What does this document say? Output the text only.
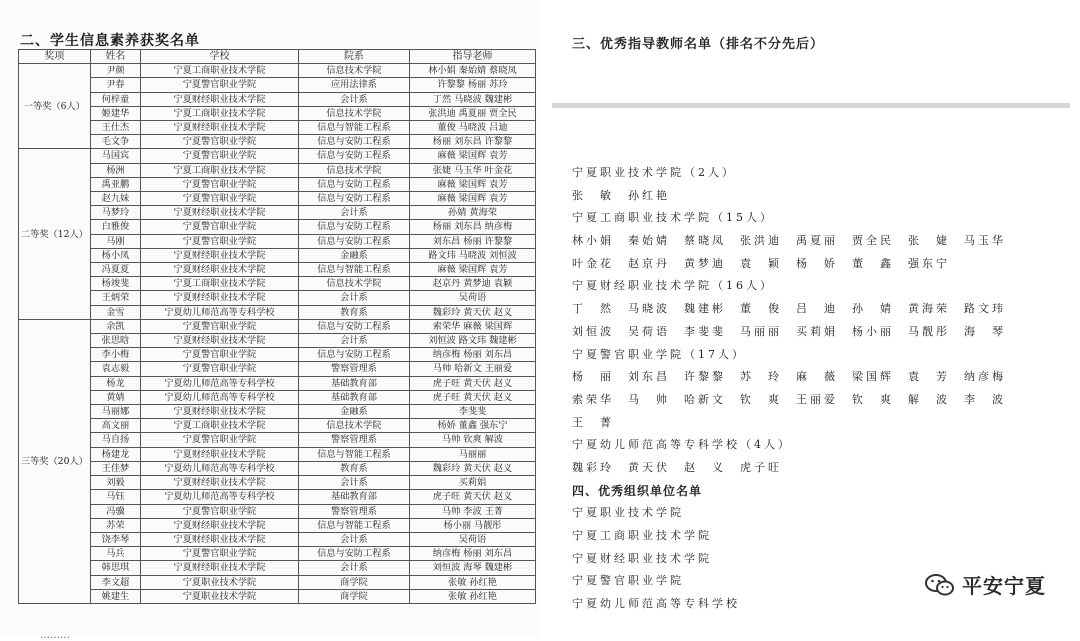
二、学生信息素养获奖名单
奖项	姓名	学校	院系	指导老师
一等奖（6人）	尹颜	宁夏工商职业技术学院	信息技术学院	林小娟 秦始婧 蔡晓凤
	尹春	宁夏警官职业学院	应用法律系	许黎黎 杨丽 苏玲
	何梓童	宁夏财经职业技术学院	会计系	丁然 马晓波 魏建彬
	姬建华	宁夏工商职业技术学院	信息技术学院	张洪迪 禹夏丽 贾全民
	王仕杰	宁夏财经职业技术学院	信息与智能工程系	董俊 马晓波 吕迪
	毛文争	宁夏警官职业学院	信息与安防工程系	杨丽 刘东昌 许黎黎
二等奖（12人）	马国宾	宁夏警官职业学院	信息与安防工程系	麻薇 梁国辉 袁芳
	杨洲	宁夏工商职业技术学院	信息技术学院	张婕 马玉华 叶金花
	禹亚鹏	宁夏警官职业学院	信息与安防工程系	麻薇 梁国辉 袁芳
	赵九妹	宁夏警官职业学院	信息与安防工程系	麻薇 梁国辉 袁芳
	马梦玲	宁夏财经职业技术学院	会计系	孙婧 黄海荣
	白雅俊	宁夏警官职业学院	信息与安防工程系	杨丽 刘东昌 纳彦梅
	马刚	宁夏警官职业学院	信息与安防工程系	刘东昌 杨丽 许黎黎
	杨小凤	宁夏财经职业技术学院	金融系	路文玮 马晓波 刘恒波
	冯夏夏	宁夏财经职业技术学院	信息与智能工程系	麻薇 梁国辉 袁芳
	杨竣斐	宁夏工商职业技术学院	信息技术学院	赵京丹 黄梦迪 袁颖
	王炳荣	宁夏财经职业技术学院	会计系	吴荷语
	金雪	宁夏幼儿师范高等专科学校	教育系	魏彩玲 黄天伏 赵义
三等奖（20人）	余凯	宁夏警官职业学院	信息与安防工程系	索荣华 麻薇 梁国辉
	张思晗	宁夏财经职业技术学院	会计系	刘恒波 路文玮 魏建彬
	李小梅	宁夏警官职业学院	信息与安防工程系	纳彦梅 杨丽 刘东昌
	袁志毅	宁夏警官职业学院	警察管理系	马帅 哈新文 王丽爱
	杨龙	宁夏幼儿师范高等专科学校	基础教育部	虎子旺 黄天伏 赵义
	黄婧	宁夏幼儿师范高等专科学校	基础教育部	虎子旺 黄天伏 赵义
	马丽娜	宁夏财经职业技术学院	金融系	李斐斐
	高文丽	宁夏工商职业技术学院	信息技术学院	杨娇 董鑫 强东宁
	马自扬	宁夏警官职业学院	警察管理系	马帅 钦爽 解波
	杨建龙	宁夏财经职业技术学院	信息与智能工程系	马丽丽
	王佳梦	宁夏幼儿师范高等专科学校	教育系	魏彩玲 黄天伏 赵义
	刘毅	宁夏财经职业技术学院	会计系	买莉娟
	马钰	宁夏幼儿师范高等专科学校	基础教育部	虎子旺 黄天伏 赵义
	冯骥	宁夏警官职业学院	警察管理系	马帅 李波 王菁
	苏荣	宁夏财经职业技术学院	信息与智能工程系	杨小丽 马靓彤
	饶李琴	宁夏财经职业技术学院	会计系	吴荷语
	马兵	宁夏警官职业学院	信息与安防工程系	纳彦梅 杨丽 刘东昌
	韩思琪	宁夏财经职业技术学院	会计系	刘恒波 海琴 魏建彬
	李文超	宁夏职业技术学院	商学院	张敏 孙红艳
	姚建生	宁夏职业技术学院	商学院	张敏 孙红艳
………
三、优秀指导教师名单（排名不分先后）
宁夏职业技术学院（2人）
张　敏　孙红艳
宁夏工商职业技术学院（15人）
林小娟　秦始婧　蔡晓凤　张洪迪　禹夏丽　贾全民　张　婕　马玉华
叶金花　赵京丹　黄梦迪　袁　颖　杨　娇　董　鑫　强东宁
宁夏财经职业技术学院（16人）
丁　然　马晓波　魏建彬　董　俊　吕　迪　孙　婧　黄海荣　路文玮
刘恒波　吴荷语　李斐斐　马丽丽　买莉娟　杨小丽　马靓彤　海　琴
宁夏警官职业学院（17人）
杨　丽　刘东昌　许黎黎　苏　玲　麻　薇　梁国辉　袁　芳　纳彦梅
索荣华　马　帅　哈新文　钦　爽　王丽爱　钦　爽　解　波　李　波
王　菁
宁夏幼儿师范高等专科学校（4人）
魏彩玲　黄天伏　赵　义　虎子旺
四、优秀组织单位名单
宁夏职业技术学院
宁夏工商职业技术学院
宁夏财经职业技术学院
宁夏警官职业学院
宁夏幼儿师范高等专科学校
平安宁夏
